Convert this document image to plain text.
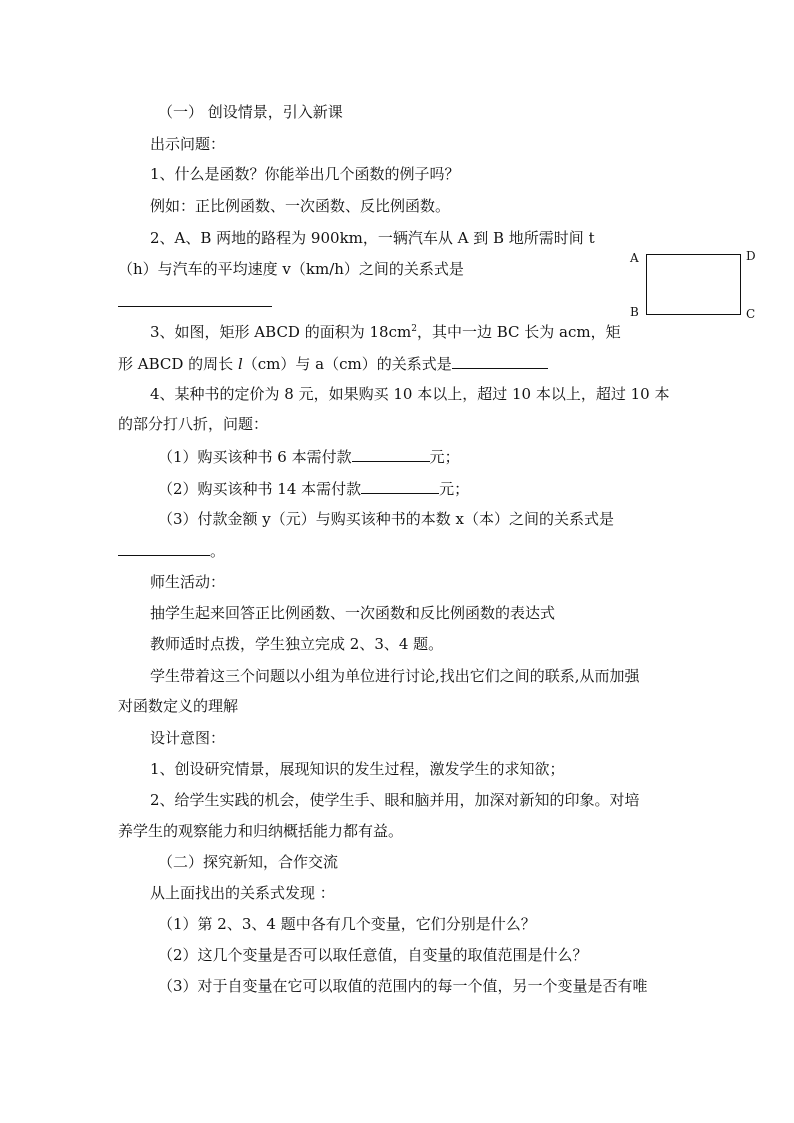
（一） 创设情景，引入新课
出示问题：
1、什么是函数？你能举出几个函数的例子吗？
例如：正比例函数、一次函数、反比例函数。
2、A、B 两地的路程为 900km，一辆汽车从 A 到 B 地所需时间 t
（h）与汽车的平均速度 v（km/h）之间的关系式是
3、如图，矩形 ABCD 的面积为 $18cm^2$，其中一边 BC 长为 acm，矩
形 ABCD 的周长 l（cm）与 a（cm）的关系式是
4、某种书的定价为 8 元，如果购买 10 本以上，超过 10 本以上，超过 10 本
的部分打八折，问题：
（1）购买该种书 6 本需付款	元；
（2）购买该种书 14 本需付款	元；
（3）付款金额 y（元）与购买该种书的本数 x（本）之间的关系式是
。
师生活动：
抽学生起来回答正比例函数、一次函数和反比例函数的表达式
教师适时点拨，学生独立完成 2、3、4 题。
学生带着这三个问题以小组为单位进行讨论,找出它们之间的联系,从而加强
对函数定义的理解
设计意图：
1、创设研究情景，展现知识的发生过程，激发学生的求知欲；
2、给学生实践的机会，使学生手、眼和脑并用，加深对新知的印象。对培
养学生的观察能力和归纳概括能力都有益。
（二）探究新知，合作交流
从上面找出的关系式发现 ：
（1）第 2、3、4 题中各有几个变量，它们分别是什么？
（2）这几个变量是否可以取任意值，自变量的取值范围是什么？
（3）对于自变量在它可以取值的范围内的每一个值，另一个变量是否有唯
A	D
B	C
